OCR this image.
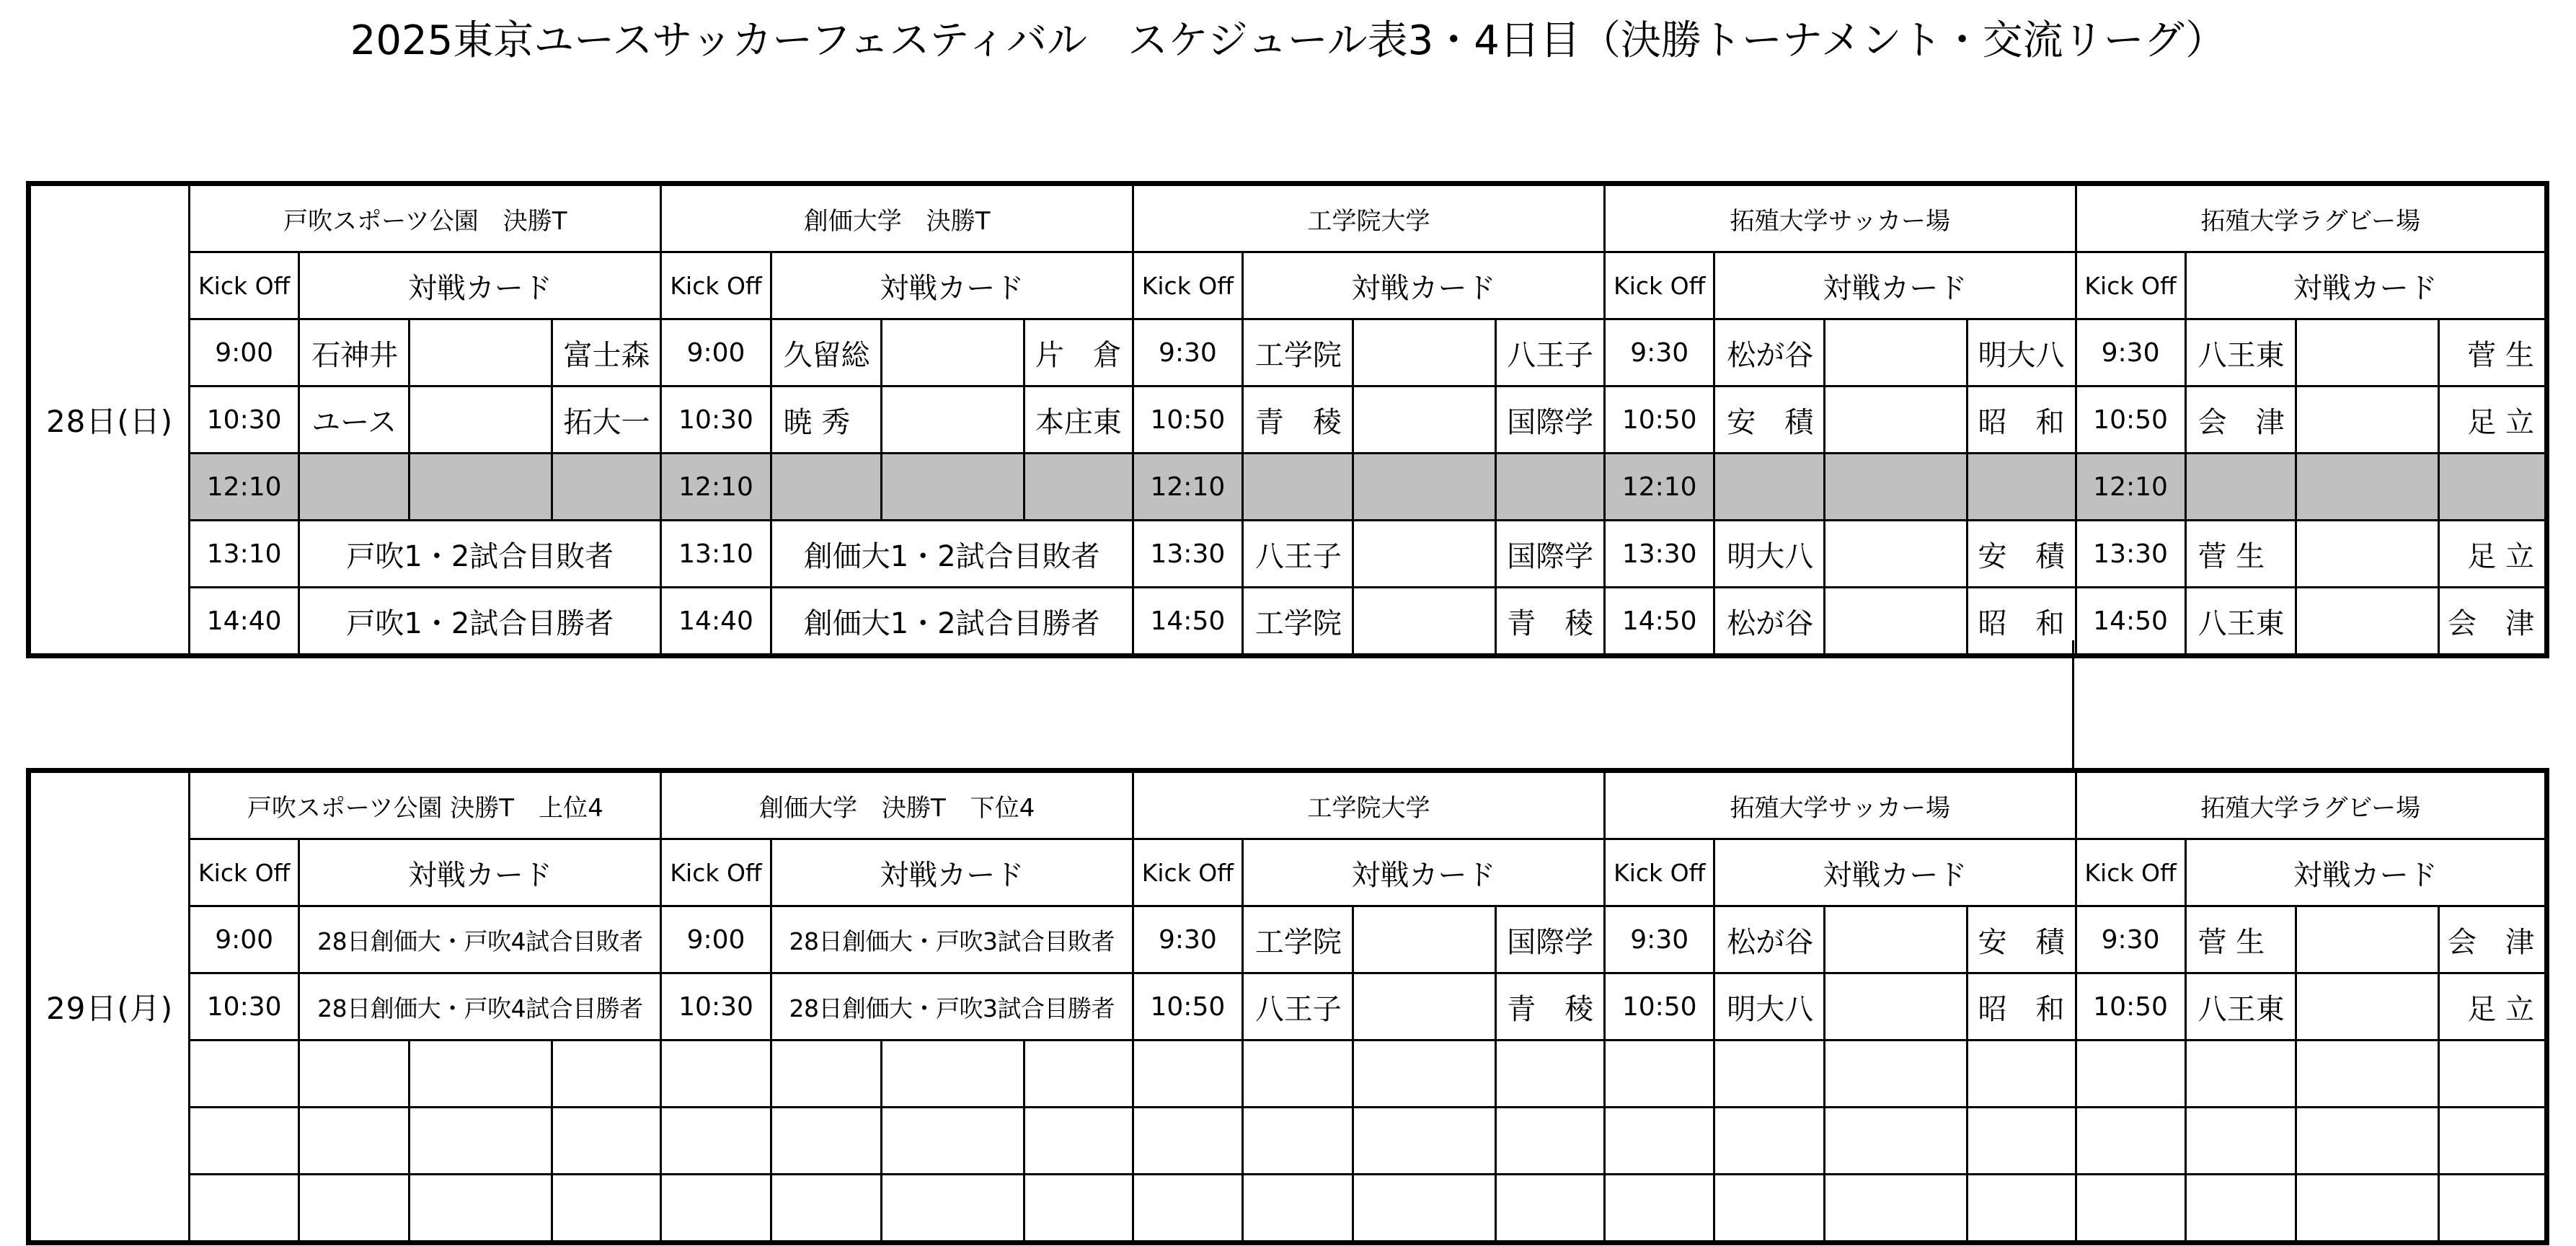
2025東京ユースサッカーフェスティバル　スケジュール表3・4日目（決勝トーナメント・交流リーグ）
28日(日)	戸吹スポーツ公園　決勝T				創価大学　決勝T				工学院大学				拓殖大学サッカー場				拓殖大学ラグビー場			
	Kick Off	対戦カード			Kick Off	対戦カード			Kick Off	対戦カード			Kick Off	対戦カード			Kick Off	対戦カード		
	9:00	石神井		富士森	9:00	久留総		片　倉	9:30	工学院		八王子	9:30	松が谷		明大八	9:30	八王東		菅 生
	10:30	ユース		拓大一	10:30	暁 秀		本庄東	10:50	青　稜		国際学	10:50	安　積		昭　和	10:50	会　津		足 立
	12:10				12:10				12:10				12:10				12:10			
	13:10	戸吹1・2試合目敗者			13:10	創価大1・2試合目敗者			13:30	八王子		国際学	13:30	明大八		安　積	13:30	菅 生		足 立
	14:40	戸吹1・2試合目勝者			14:40	創価大1・2試合目勝者			14:50	工学院		青　稜	14:50	松が谷		昭　和	14:50	八王東		会　津
29日(月)	戸吹スポーツ公園 決勝T　上位4				創価大学　決勝T　下位4				工学院大学				拓殖大学サッカー場				拓殖大学ラグビー場			
	Kick Off	対戦カード			Kick Off	対戦カード			Kick Off	対戦カード			Kick Off	対戦カード			Kick Off	対戦カード		
	9:00	28日創価大・戸吹4試合目敗者			9:00	28日創価大・戸吹3試合目敗者			9:30	工学院		国際学	9:30	松が谷		安　積	9:30	菅 生		会　津
	10:30	28日創価大・戸吹4試合目勝者			10:30	28日創価大・戸吹3試合目勝者			10:50	八王子		青　稜	10:50	明大八		昭　和	10:50	八王東		足 立
